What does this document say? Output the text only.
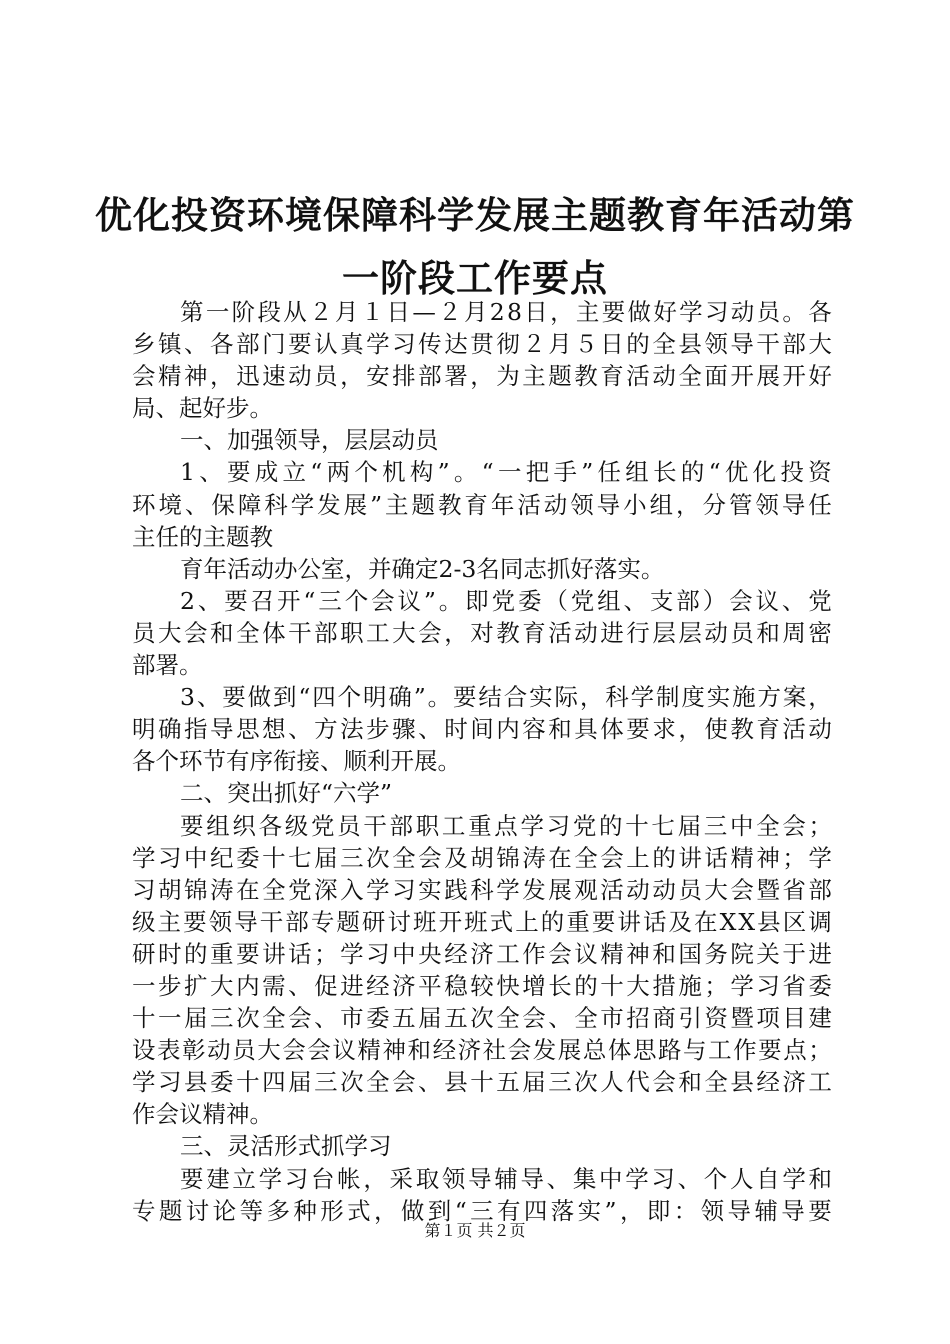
优化投资环境保障科学发展主题教育年活动第
一阶段工作要点
第 一 阶 段 从 ２ 月 １ 日 — ２ 月 2 8 日 ， 主 要 做 好 学 习 动 员 。 各
乡 镇 、 各 部 门 要 认 真 学 习 传 达 贯 彻 ２ 月 ５ 日 的 全 县 领 导 干 部 大
会 精 神 ， 迅 速 动 员 ， 安 排 部 署 ， 为 主 题 教 育 活 动 全 面 开 展 开 好
局、起好步。
一、加强领导，层层动员
1 、 要 成 立 “ 两 个 机 构 ” 。 “ 一 把 手 ” 任 组 长 的 “ 优 化 投 资
环 境 、 保 障 科 学 发 展 ” 主 题 教 育 年 活 动 领 导 小 组 ， 分 管 领 导 任
主任的主题教
育年活动办公室，并确定2-3名同志抓好落实。
2 、 要 召 开 “ 三 个 会 议 ” 。 即 党 委 （ 党 组 、 支 部 ） 会 议 、 党
员 大 会 和 全 体 干 部 职 工 大 会 ， 对 教 育 活 动 进 行 层 层 动 员 和 周 密
部署。
3 、 要 做 到 “ 四 个 明 确 ” 。 要 结 合 实 际 ， 科 学 制 度 实 施 方 案 ，
明 确 指 导 思 想 、 方 法 步 骤 、 时 间 内 容 和 具 体 要 求 ， 使 教 育 活 动
各个环节有序衔接、顺利开展。
二、突出抓好“六学”
要 组 织 各 级 党 员 干 部 职 工 重 点 学 习 党 的 十 七 届 三 中 全 会 ；
学 习 中 纪 委 十 七 届 三 次 全 会 及 胡 锦 涛 在 全 会 上 的 讲 话 精 神 ； 学
习 胡 锦 涛 在 全 党 深 入 学 习 实 践 科 学 发 展 观 活 动 动 员 大 会 暨 省 部
级 主 要 领 导 干 部 专 题 研 讨 班 开 班 式 上 的 重 要 讲 话 及 在 X X 县 区 调
研 时 的 重 要 讲 话 ； 学 习 中 央 经 济 工 作 会 议 精 神 和 国 务 院 关 于 进
一 步 扩 大 内 需 、 促 进 经 济 平 稳 较 快 增 长 的 十 大 措 施 ； 学 习 省 委
十 一 届 三 次 全 会 、 市 委 五 届 五 次 全 会 、 全 市 招 商 引 资 暨 项 目 建
设 表 彰 动 员 大 会 会 议 精 神 和 经 济 社 会 发 展 总 体 思 路 与 工 作 要 点 ；
学 习 县 委 十 四 届 三 次 全 会 、 县 十 五 届 三 次 人 代 会 和 全 县 经 济 工
作会议精神。
三、灵活形式抓学习
要 建 立 学 习 台 帐 ， 采 取 领 导 辅 导 、 集 中 学 习 、 个 人 自 学 和
专 题 讨 论 等 多 种 形 式 ， 做 到 “ 三 有 四 落 实 ” ， 即 ： 领 导 辅 导 要
第１页 共２页
